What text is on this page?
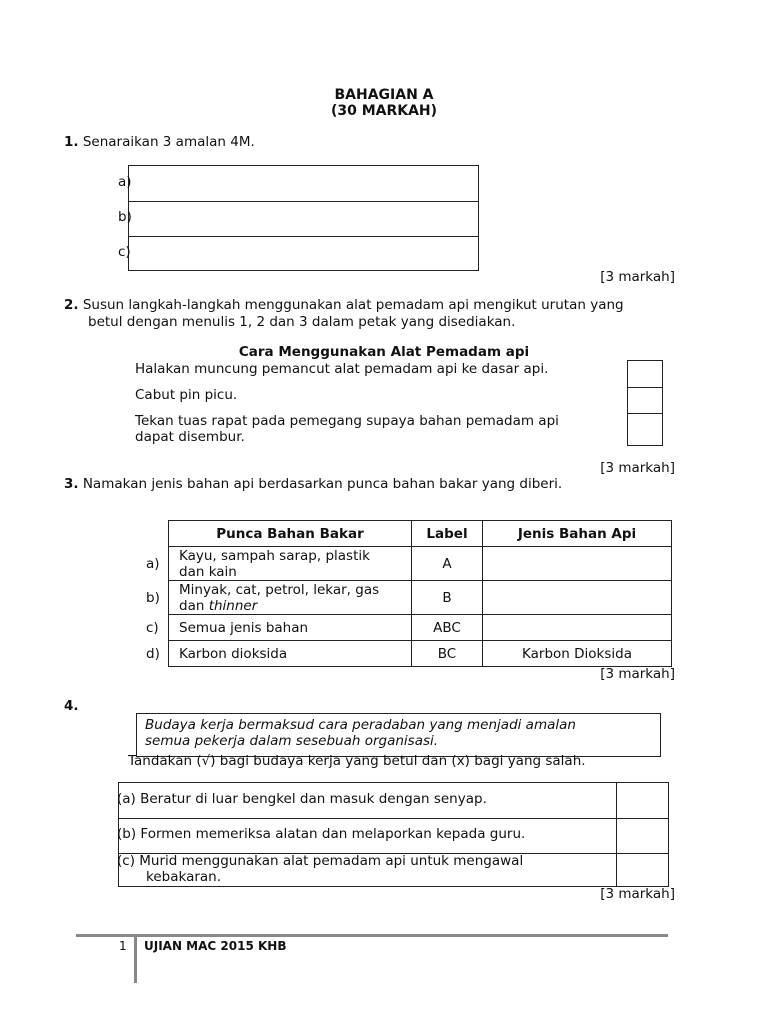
BAHAGIAN A
(30 MARKAH)
1. Senaraikan 3 amalan 4M.
a)
b)
c)
[3 markah]
2. Susun langkah-langkah menggunakan alat pemadam api mengikut urutan yang
betul dengan menulis 1, 2 dan 3 dalam petak yang disediakan.
Cara Menggunakan Alat Pemadam api
Halakan muncung pemancut alat pemadam api ke dasar api.
Cabut pin picu.
Tekan tuas rapat pada pemegang supaya bahan pemadam api
dapat disembur.
[3 markah]
3. Namakan jenis bahan api berdasarkan punca bahan bakar yang diberi.
a)
b)
c)
d)
Punca Bahan Bakar	Label	Jenis Bahan Api

Kayu, sampah sarap, plastik
dan kain	A	

Minyak, cat, petrol, lekar, gas
dan thinner	B	
Semua jenis bahan	ABC	
Karbon dioksida	BC	Karbon Dioksida
[3 markah]
4.
Budaya kerja bermaksud cara peradaban yang menjadi amalan
semua pekerja dalam sesebuah organisasi.
Tandakan (√) bagi budaya kerja yang betul dan (x) bagi yang salah.
(a) Beratur di luar bengkel dan masuk dengan senyap.
(b) Formen memeriksa alatan dan melaporkan kepada guru.
(c) Murid menggunakan alat pemadam api untuk mengawal
kebakaran.
[3 markah]
1 UJIAN MAC 2015 KHB
